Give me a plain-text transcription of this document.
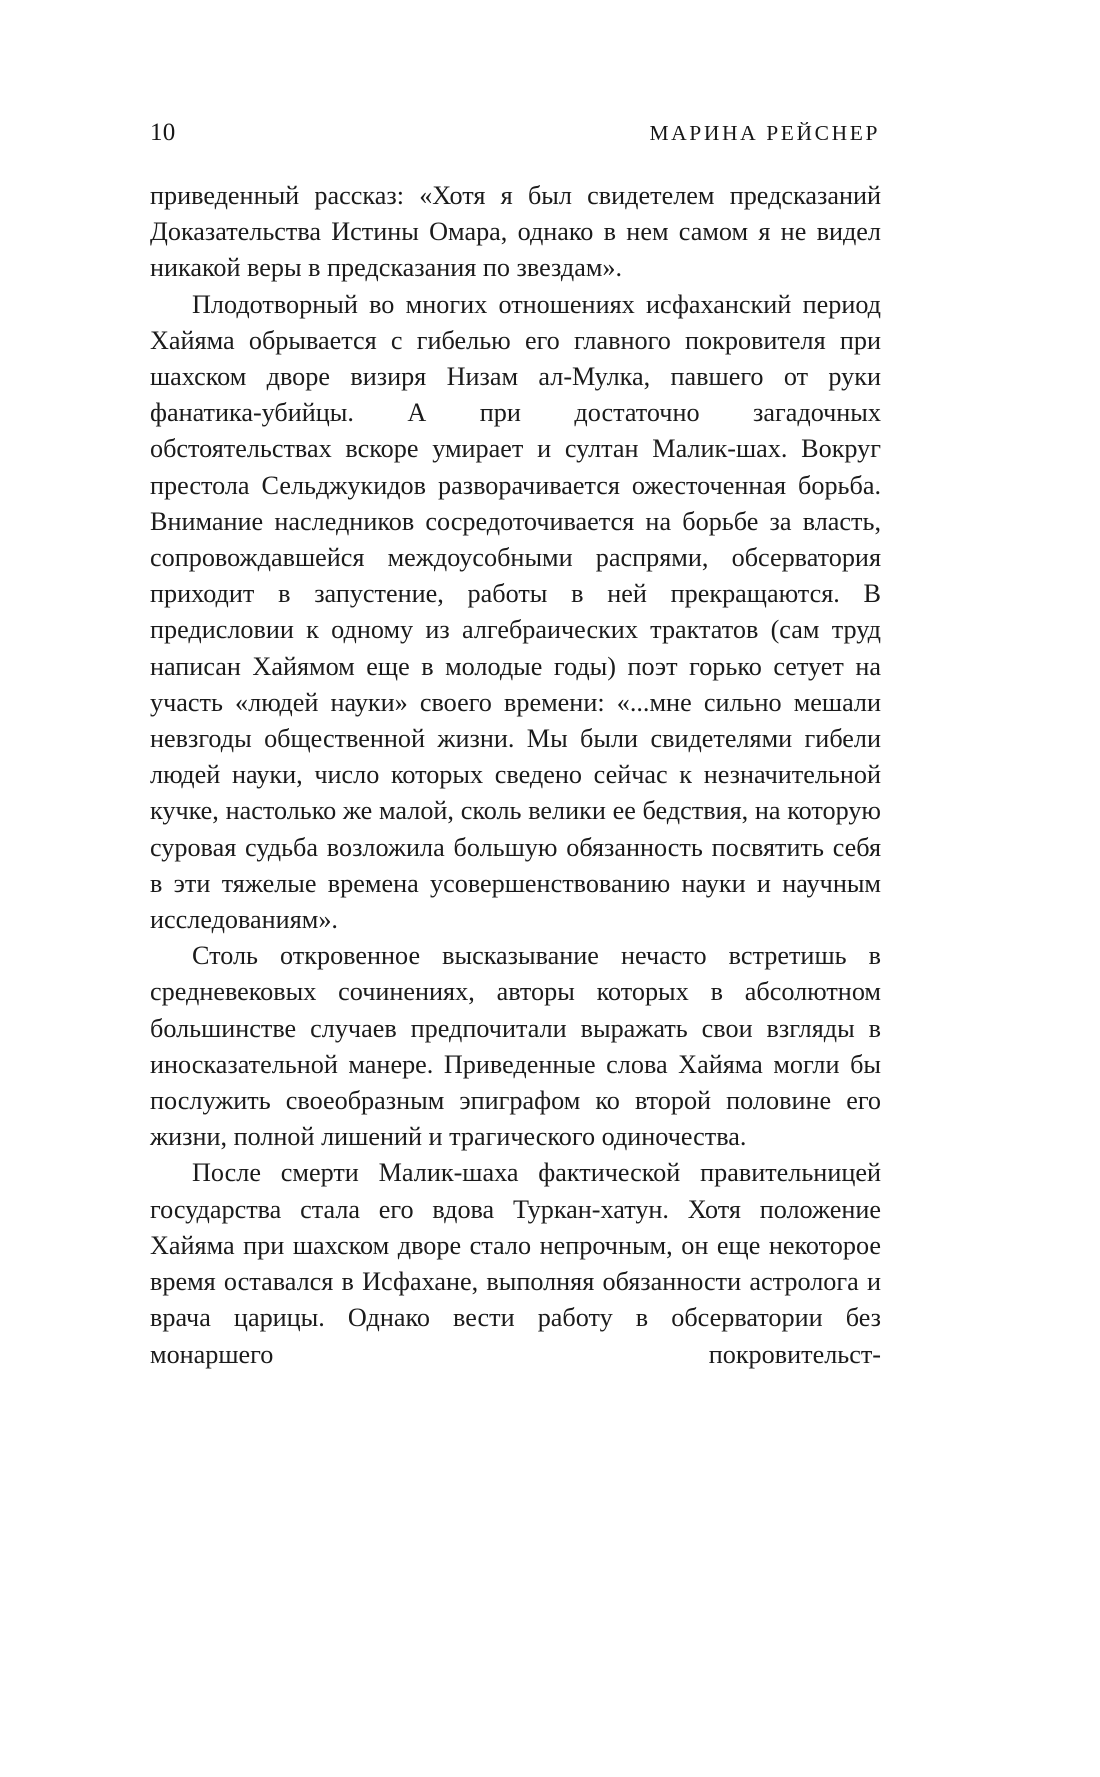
10	МАРИНА РЕЙСНЕР

приведенный рассказ: «Хотя я был свидетелем предсказаний Доказательства Истины Омара, однако в нем самом я не видел никакой веры в предсказания по звездам».

Плодотворный во многих отношениях исфаханский период Хайяма обрывается с гибелью его главного покровителя при шахском дворе визиря Низам ал-Мулка, павшего от руки фанатика-убийцы. А при достаточно загадочных обстоятельствах вскоре умирает и султан Малик-шах. Вокруг престола Сельджукидов разворачивается ожесточенная борьба. Внимание наследников сосредоточивается на борьбе за власть, сопровождавшейся междоусобными распрями, обсерватория приходит в запустение, работы в ней прекращаются. В предисловии к одному из алгебраических трактатов (сам труд написан Хайямом еще в молодые годы) поэт горько сетует на участь «людей науки» своего времени: «...мне сильно мешали невзгоды общественной жизни. Мы были свидетелями гибели людей науки, число которых сведено сейчас к незначительной кучке, настолько же малой, сколь велики ее бедствия, на которую суровая судьба возложила большую обязанность посвятить себя в эти тяжелые времена усовершенствованию науки и научным исследованиям».

Столь откровенное высказывание нечасто встретишь в средневековых сочинениях, авторы которых в абсолютном большинстве случаев предпочитали выражать свои взгляды в иносказательной манере. Приведенные слова Хайяма могли бы послужить своеобразным эпиграфом ко второй половине его жизни, полной лишений и трагического одиночества.

После смерти Малик-шаха фактической правительницей государства стала его вдова Туркан-хатун. Хотя положение Хайяма при шахском дворе стало непрочным, он еще некоторое время оставался в Исфахане, выполняя обязанности астролога и врача царицы. Однако вести работу в обсерватории без монаршего покровительст-
